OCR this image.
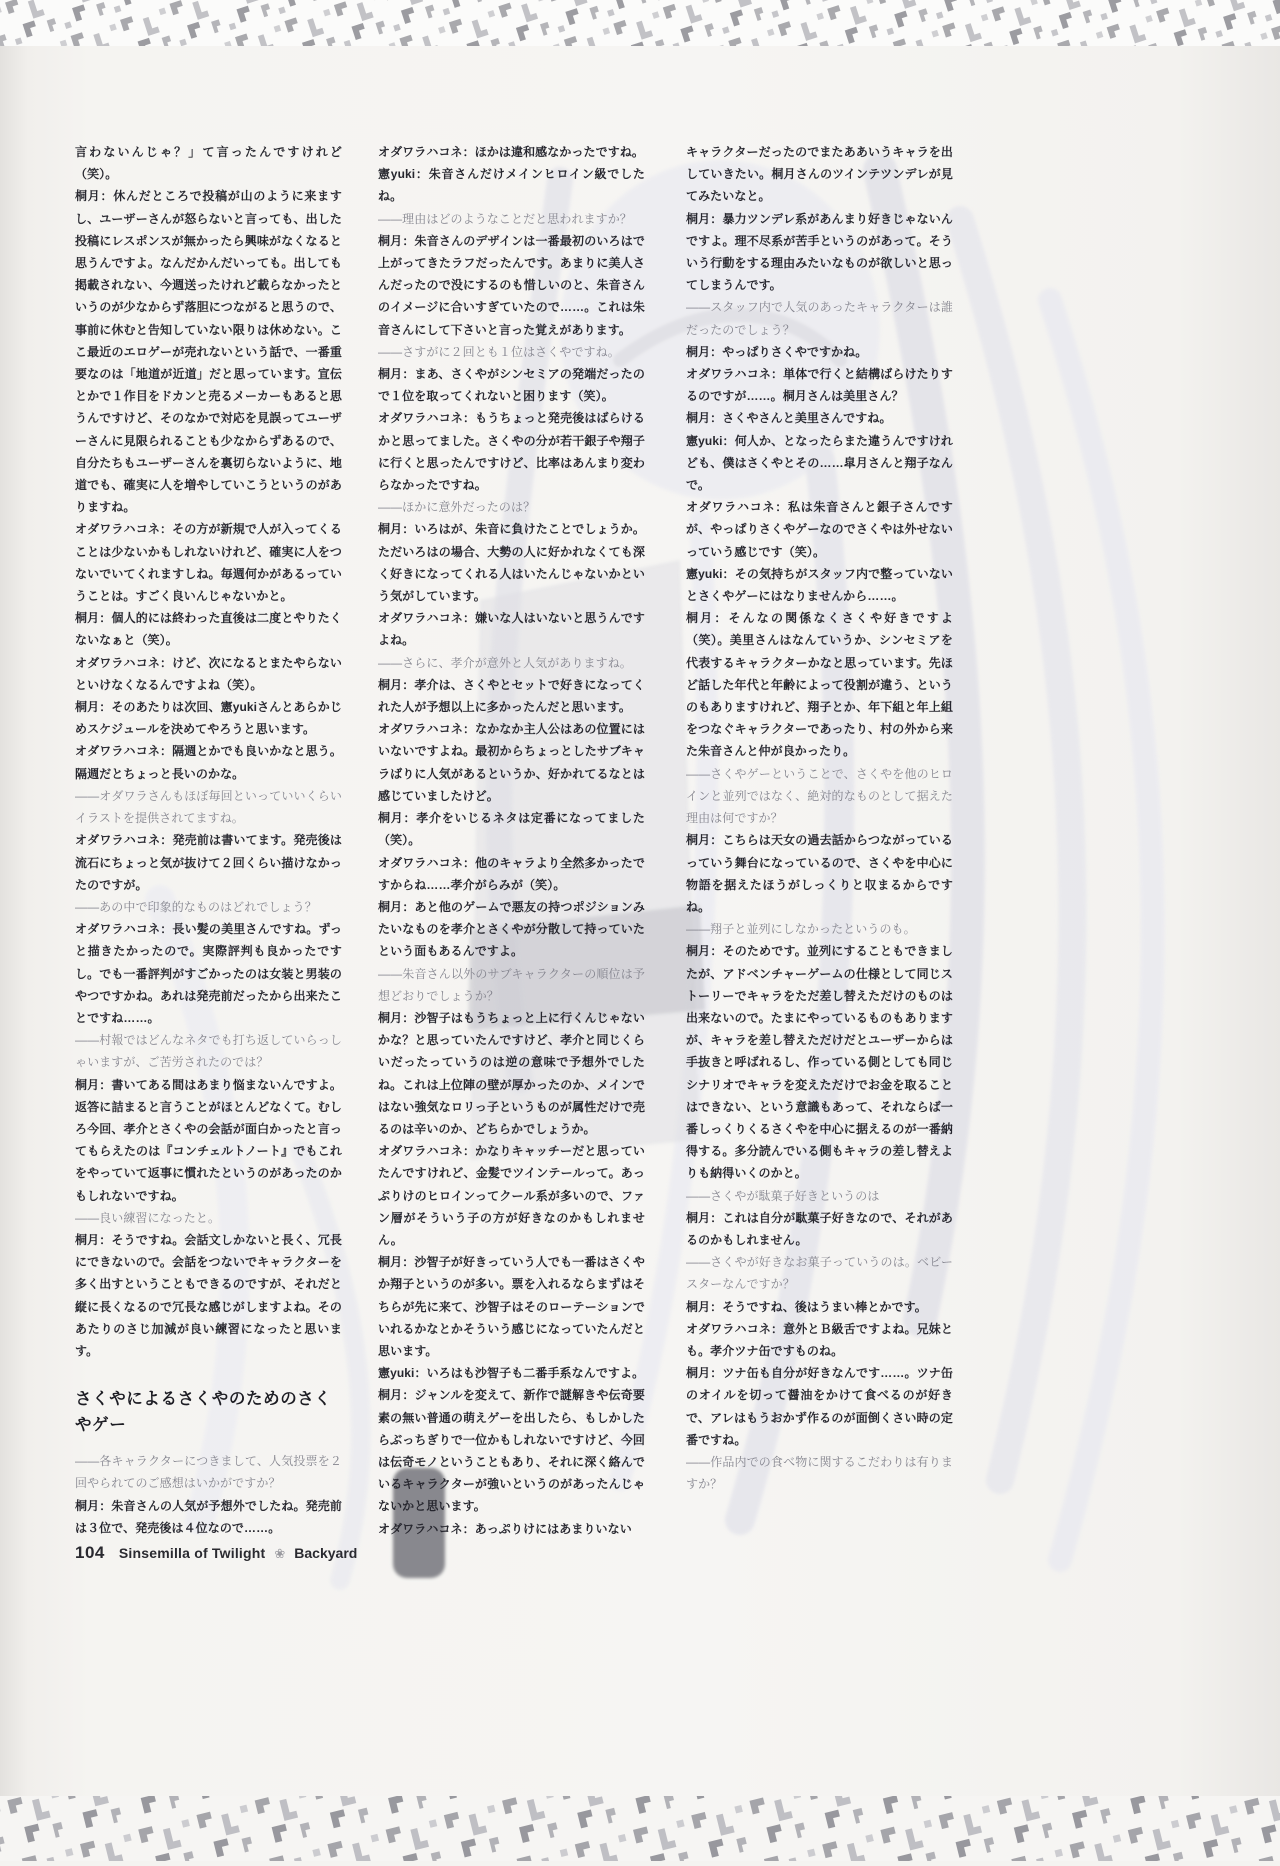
言わないんじゃ？」て言ったんですけれど（笑）。

桐月：休んだところで投稿が山のように来ますし、ユーザーさんが怒らないと言っても、出した投稿にレスポンスが無かったら興味がなくなると思うんですよ。なんだかんだいっても。出しても掲載されない、今週送ったけれど載らなかったというのが少なからず落胆につながると思うので、事前に休むと告知していない限りは休めない。ここ最近のエロゲーが売れないという話で、一番重要なのは「地道が近道」だと思っています。宣伝とかで１作目をドカンと売るメーカーもあると思うんですけど、そのなかで対応を見誤ってユーザーさんに見限られることも少なからずあるので、自分たちもユーザーさんを裏切らないように、地道でも、確実に人を増やしていこうというのがありますね。

オダワラハコネ：その方が新規で人が入ってくることは少ないかもしれないけれど、確実に人をつないでいてくれますしね。毎週何かがあるっていうことは。すごく良いんじゃないかと。

桐月：個人的には終わった直後は二度とやりたくないなぁと（笑）。

オダワラハコネ：けど、次になるとまたやらないといけなくなるんですよね（笑）。

桐月：そのあたりは次回、憲yukiさんとあらかじめスケジュールを決めてやろうと思います。

オダワラハコネ：隔週とかでも良いかなと思う。隔週だとちょっと長いのかな。

――オダワラさんもほぼ毎回といっていいくらいイラストを提供されてますね。

オダワラハコネ：発売前は書いてます。発売後は流石にちょっと気が抜けて２回くらい描けなかったのですが。

――あの中で印象的なものはどれでしょう？

オダワラハコネ：長い髪の美里さんですね。ずっと描きたかったので。実際評判も良かったですし。でも一番評判がすごかったのは女装と男装のやつですかね。あれは発売前だったから出来たことですね……。

――村報ではどんなネタでも打ち返していらっしゃいますが、ご苦労されたのでは？

桐月：書いてある間はあまり悩まないんですよ。返答に詰まると言うことがほとんどなくて。むしろ今回、孝介とさくやの会話が面白かったと言ってもらえたのは『コンチェルトノート』でもこれをやっていて返事に慣れたというのがあったのかもしれないですね。

――良い練習になったと。

桐月：そうですね。会話文しかないと長く、冗長にできないので。会話をつないでキャラクターを多く出すということもできるのですが、それだと縦に長くなるので冗長な感じがしますよね。そのあたりのさじ加減が良い練習になったと思います。

さくやによるさくやのためのさくやゲー

――各キャラクターにつきまして、人気投票を２回やられてのご感想はいかがですか？

桐月：朱音さんの人気が予想外でしたね。発売前は３位で、発売後は４位なので……。

オダワラハコネ：ほかは違和感なかったですね。

憲yuki：朱音さんだけメインヒロイン級でしたね。

――理由はどのようなことだと思われますか？

桐月：朱音さんのデザインは一番最初のいろはで上がってきたラフだったんです。あまりに美人さんだったので没にするのも惜しいのと、朱音さんのイメージに合いすぎていたので……。これは朱音さんにして下さいと言った覚えがあります。

――さすがに２回とも１位はさくやですね。

桐月：まあ、さくやがシンセミアの発端だったので１位を取ってくれないと困ります（笑）。

オダワラハコネ：もうちょっと発売後はばらけるかと思ってました。さくやの分が若干銀子や翔子に行くと思ったんですけど、比率はあんまり変わらなかったですね。

――ほかに意外だったのは？

桐月：いろはが、朱音に負けたことでしょうか。ただいろはの場合、大勢の人に好かれなくても深く好きになってくれる人はいたんじゃないかという気がしています。

オダワラハコネ：嫌いな人はいないと思うんですよね。

――さらに、孝介が意外と人気がありますね。

桐月：孝介は、さくやとセットで好きになってくれた人が予想以上に多かったんだと思います。

オダワラハコネ：なかなか主人公はあの位置にはいないですよね。最初からちょっとしたサブキャラばりに人気があるというか、好かれてるなとは感じていましたけど。

桐月：孝介をいじるネタは定番になってました（笑）。

オダワラハコネ：他のキャラより全然多かったですからね……孝介がらみが（笑）。

桐月：あと他のゲームで悪友の持つポジションみたいなものを孝介とさくやが分散して持っていたという面もあるんですよ。

――朱音さん以外のサブキャラクターの順位は予想どおりでしょうか？

桐月：沙智子はもうちょっと上に行くんじゃないかな？と思っていたんですけど、孝介と同じくらいだったっていうのは逆の意味で予想外でしたね。これは上位陣の壁が厚かったのか、メインではない強気なロリっ子というものが属性だけで売るのは辛いのか、どちらかでしょうか。

オダワラハコネ：かなりキャッチーだと思っていたんですけれど、金髪でツインテールって。あっぷりけのヒロインってクール系が多いので、ファン層がそういう子の方が好きなのかもしれません。

桐月：沙智子が好きっていう人でも一番はさくやか翔子というのが多い。票を入れるならまずはそちらが先に来て、沙智子はそのローテーションでいれるかなとかそういう感じになっていたんだと思います。

憲yuki：いろはも沙智子も二番手系なんですよ。

桐月：ジャンルを変えて、新作で謎解きや伝奇要素の無い普通の萌えゲーを出したら、もしかしたらぶっちぎりで一位かもしれないですけど、今回は伝奇モノということもあり、それに深く絡んでいるキャラクターが強いというのがあったんじゃないかと思います。

オダワラハコネ：あっぷりけにはあまりいない

キャラクターだったのでまたああいうキャラを出していきたい。桐月さんのツインテツンデレが見てみたいなと。

桐月：暴力ツンデレ系があんまり好きじゃないんですよ。理不尽系が苦手というのがあって。そういう行動をする理由みたいなものが欲しいと思ってしまうんです。

――スタッフ内で人気のあったキャラクターは誰だったのでしょう？

桐月：やっぱりさくやですかね。

オダワラハコネ：単体で行くと結構ばらけたりするのですが……。桐月さんは美里さん？

桐月：さくやさんと美里さんですね。

憲yuki：何人か、となったらまた違うんですけれども、僕はさくやとその……皐月さんと翔子なんで。

オダワラハコネ：私は朱音さんと銀子さんですが、やっぱりさくやゲーなのでさくやは外せないっていう感じです（笑）。

憲yuki：その気持ちがスタッフ内で整っていないとさくやゲーにはなりませんから……。

桐月：そんなの関係なくさくや好きですよ（笑）。美里さんはなんていうか、シンセミアを代表するキャラクターかなと思っています。先ほど話した年代と年齢によって役割が違う、というのもありますけれど、翔子とか、年下組と年上組をつなぐキャラクターであったり、村の外から来た朱音さんと仲が良かったり。

――さくやゲーということで、さくやを他のヒロインと並列ではなく、絶対的なものとして据えた理由は何ですか？

桐月：こちらは天女の過去話からつながっているっていう舞台になっているので、さくやを中心に物語を据えたほうがしっくりと収まるからですね。

――翔子と並列にしなかったというのも。

桐月：そのためです。並列にすることもできましたが、アドベンチャーゲームの仕様として同じストーリーでキャラをただ差し替えただけのものは出来ないので。たまにやっているものもありますが、キャラを差し替えただけだとユーザーからは手抜きと呼ばれるし、作っている側としても同じシナリオでキャラを変えただけでお金を取ることはできない、という意識もあって、それならば一番しっくりくるさくやを中心に据えるのが一番納得する。多分読んでいる側もキャラの差し替えよりも納得いくのかと。

――さくやが駄菓子好きというのは

桐月：これは自分が駄菓子好きなので、それがあるのかもしれません。

――さくやが好きなお菓子っていうのは。ベビースターなんですか？

桐月：そうですね、後はうまい棒とかです。

オダワラハコネ：意外とＢ級舌ですよね。兄妹とも。孝介ツナ缶ですものね。

桐月：ツナ缶も自分が好きなんです……。ツナ缶のオイルを切って醤油をかけて食べるのが好きで、アレはもうおかず作るのが面倒くさい時の定番ですね。

――作品内での食べ物に関するこだわりは有りますか？

104 Sinsemilla of Twilight ❀ Backyard
